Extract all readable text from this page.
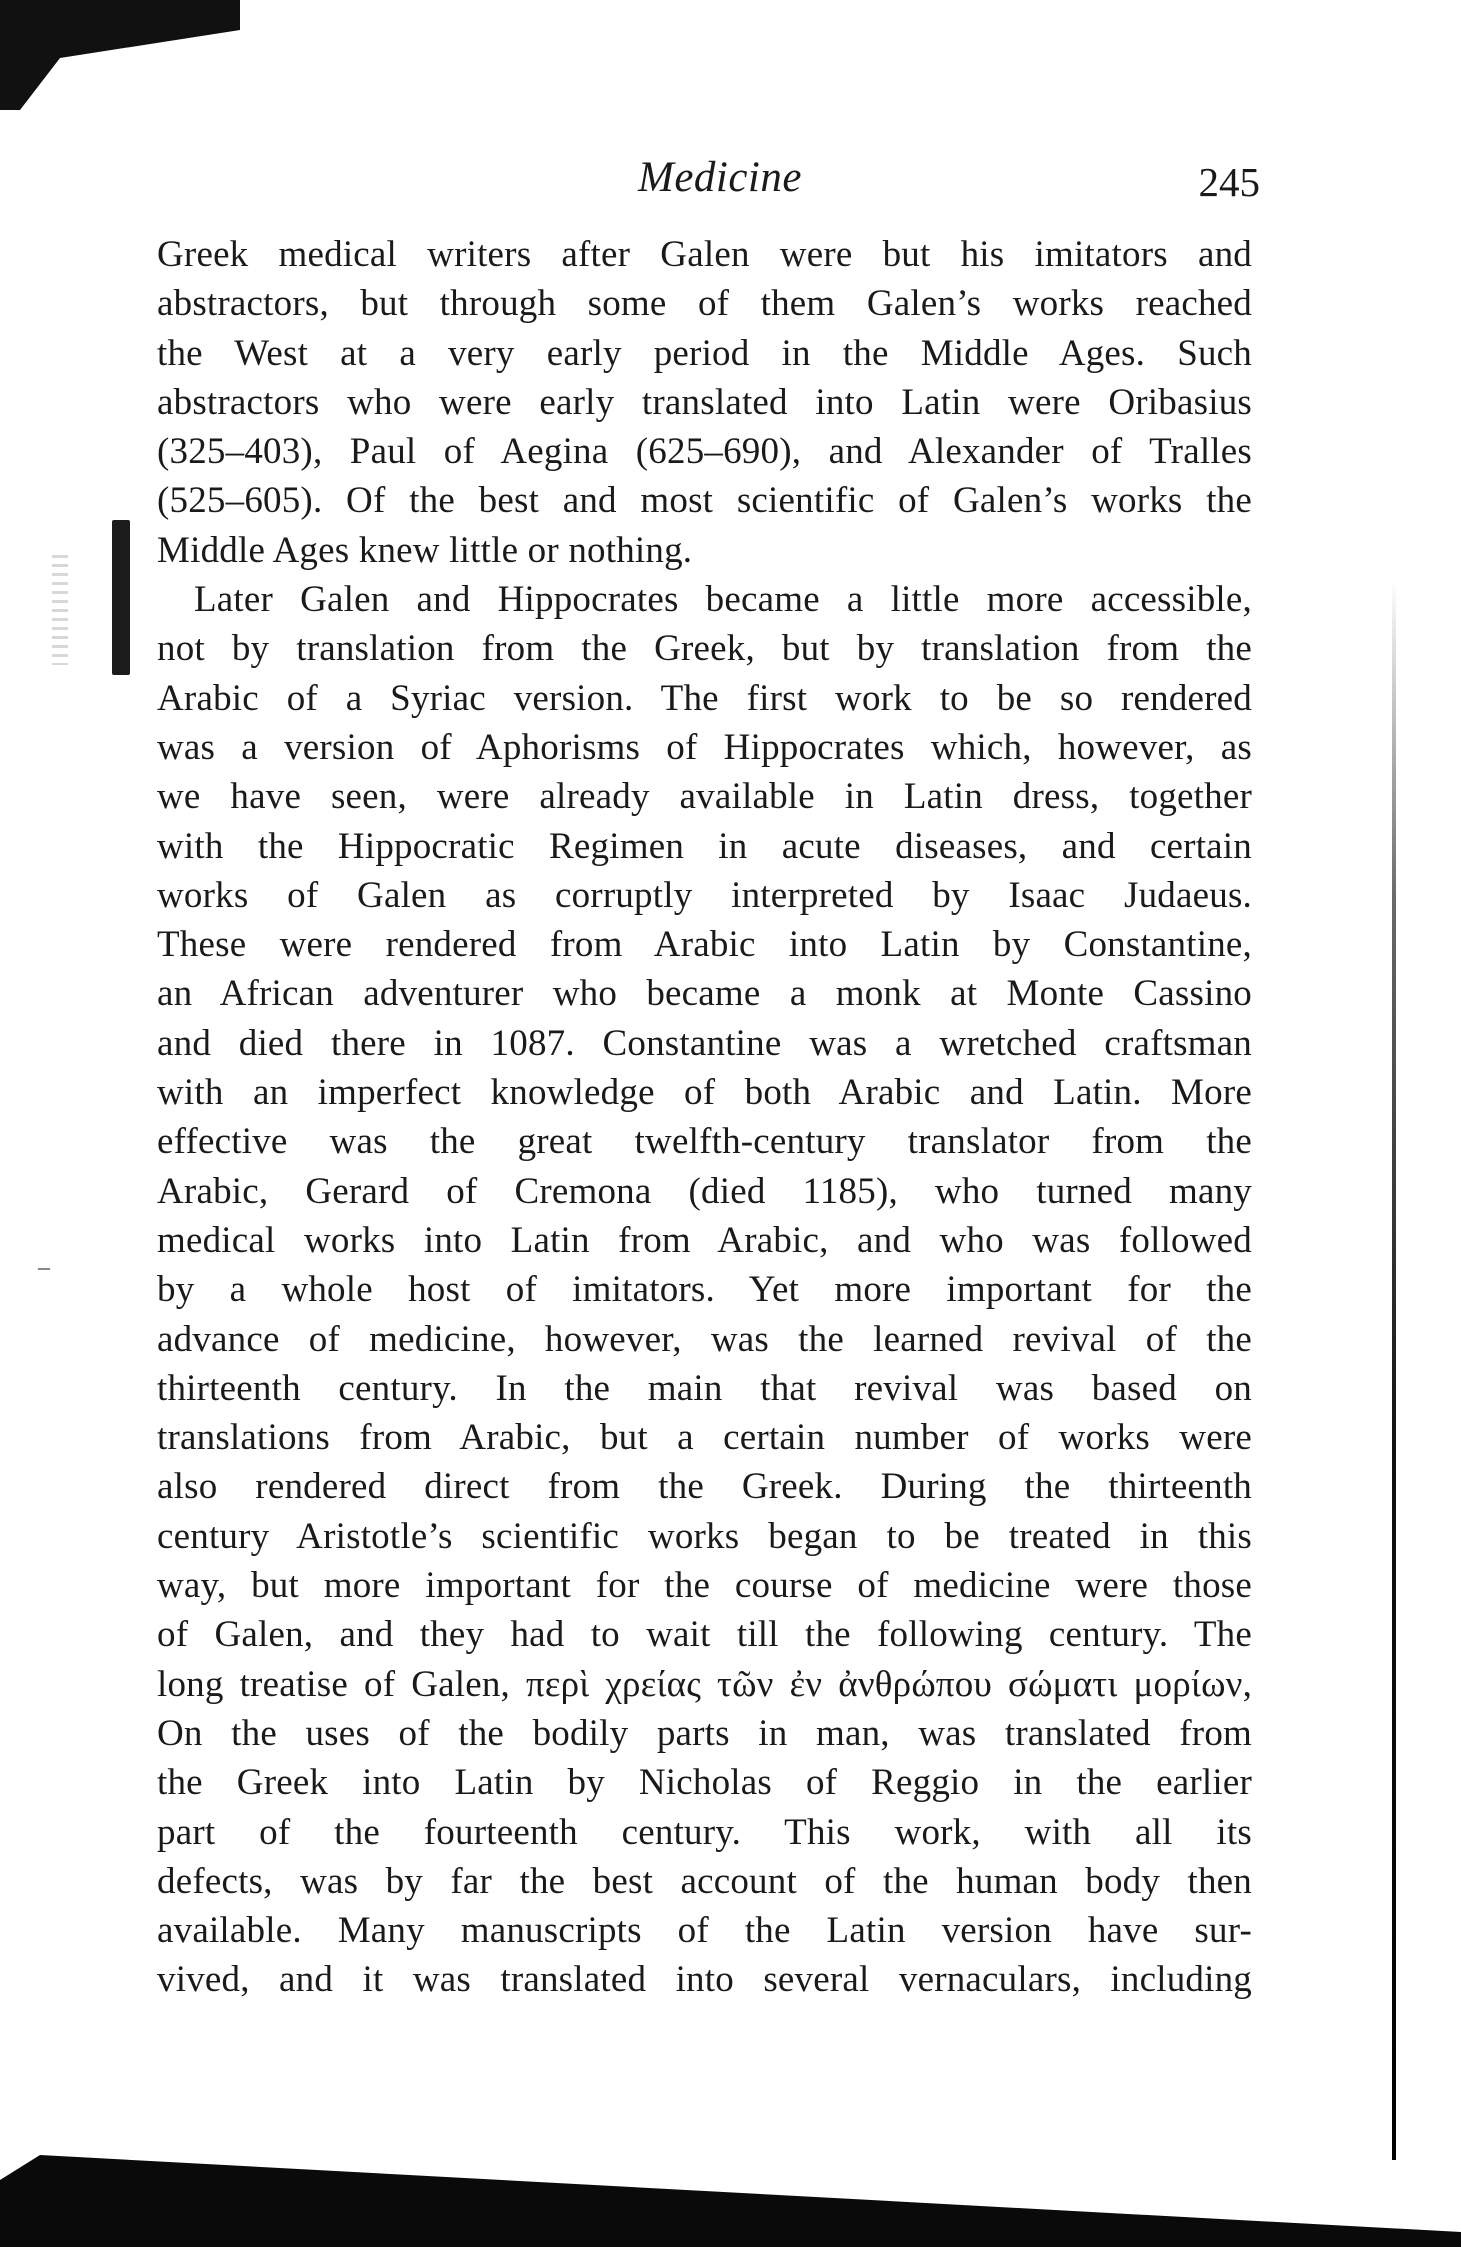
Medicine	245
Greek medical writers after Galen were but his imitators and
abstractors, but through some of them Galen’s works reached
the West at a very early period in the Middle Ages. Such
abstractors who were early translated into Latin were Oribasius
(325–403), Paul of Aegina (625–690), and Alexander of Tralles
(525–605). Of the best and most scientific of Galen’s works the
Middle Ages knew little or nothing.
Later Galen and Hippocrates became a little more accessible,
not by translation from the Greek, but by translation from the
Arabic of a Syriac version. The first work to be so rendered
was a version of Aphorisms of Hippocrates which, however, as
we have seen, were already available in Latin dress, together
with the Hippocratic Regimen in acute diseases, and certain
works of Galen as corruptly interpreted by Isaac Judaeus.
These were rendered from Arabic into Latin by Constantine,
an African adventurer who became a monk at Monte Cassino
and died there in 1087. Constantine was a wretched craftsman
with an imperfect knowledge of both Arabic and Latin. More
effective was the great twelfth-century translator from the
Arabic, Gerard of Cremona (died 1185), who turned many
medical works into Latin from Arabic, and who was followed
by a whole host of imitators. Yet more important for the
advance of medicine, however, was the learned revival of the
thirteenth century. In the main that revival was based on
translations from Arabic, but a certain number of works were
also rendered direct from the Greek. During the thirteenth
century Aristotle’s scientific works began to be treated in this
way, but more important for the course of medicine were those
of Galen, and they had to wait till the following century. The
long treatise of Galen, περὶ χρείας τῶν ἐν ἀνθρώπου σώματι μορίων,
On the uses of the bodily parts in man, was translated from
the Greek into Latin by Nicholas of Reggio in the earlier
part of the fourteenth century. This work, with all its
defects, was by far the best account of the human body then
available. Many manuscripts of the Latin version have sur-
vived, and it was translated into several vernaculars, including
